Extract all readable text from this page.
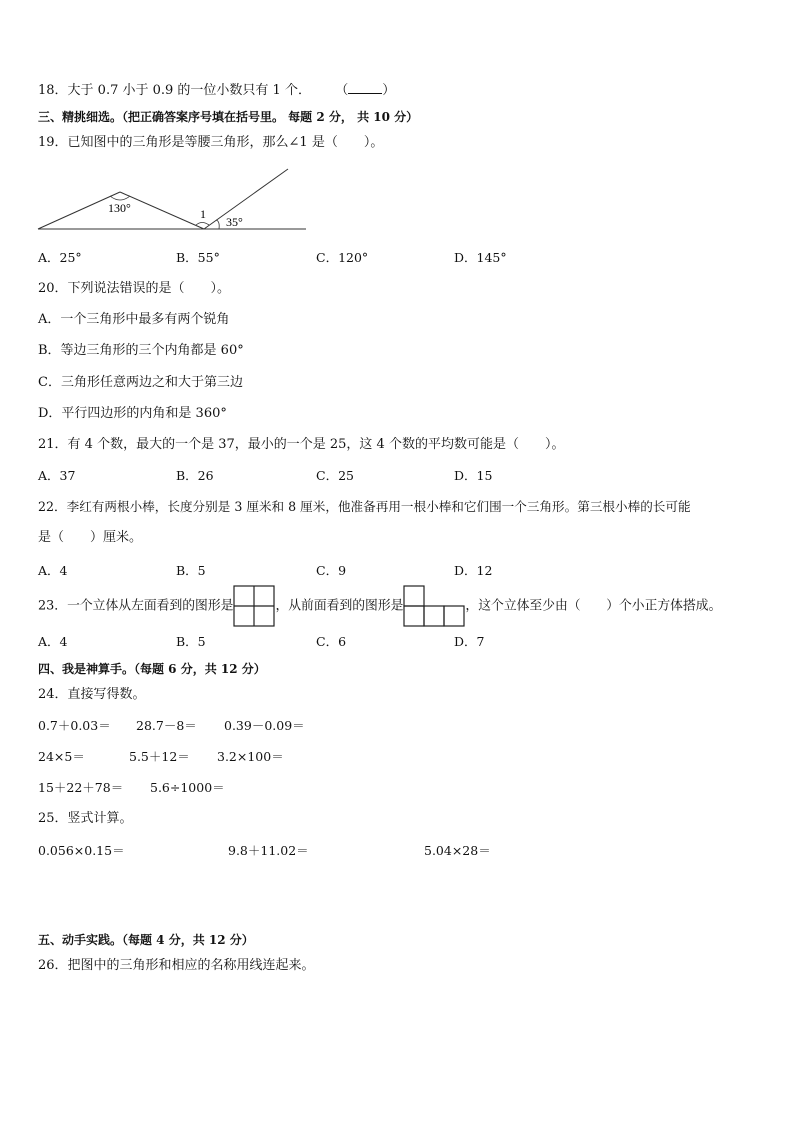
18．大于 0.7 小于 0.9 的一位小数只有 1 个． （	）
三、精挑细选。（把正确答案序号填在括号里。 每题 2 分， 共 10 分）
19．已知图中的三角形是等腰三角形，那么∠1 是（　　）。
130°	1
35°
A．25°	B．55°	C．120°	D．145°
20．下列说法错误的是（　　）。
A．一个三角形中最多有两个锐角
B．等边三角形的三个内角都是 60°
C．三角形任意两边之和大于第三边
D．平行四边形的内角和是 360°
21．有 4 个数，最大的一个是 37，最小的一个是 25，这 4 个数的平均数可能是（　　）。
A．37	B．26	C．25	D．15
22．李红有两根小棒，长度分别是 3 厘米和 8 厘米，他准备再用一根小棒和它们围一个三角形。第三根小棒的长可能
是（　　）厘米。
A．4	B．5	C．9	D．12
23．一个立体从左面看到的图形是	，从前面看到的图形是	，这个立体至少由（　　）个小正方体搭成。
A．4	B．5	C．6	D．7
四、我是神算手。（每题 6 分，共 12 分）
24．直接写得数。
0.7＋0.03＝ 28.7－8＝ 0.39－0.09＝
24×5＝	5.5＋12＝ 3.2×100＝
15＋22＋78＝ 5.6÷1000＝
25．竖式计算。
0.056×0.15＝	9.8＋11.02＝	5.04×28＝
五、动手实践。（每题 4 分，共 12 分）
26．把图中的三角形和相应的名称用线连起来。
